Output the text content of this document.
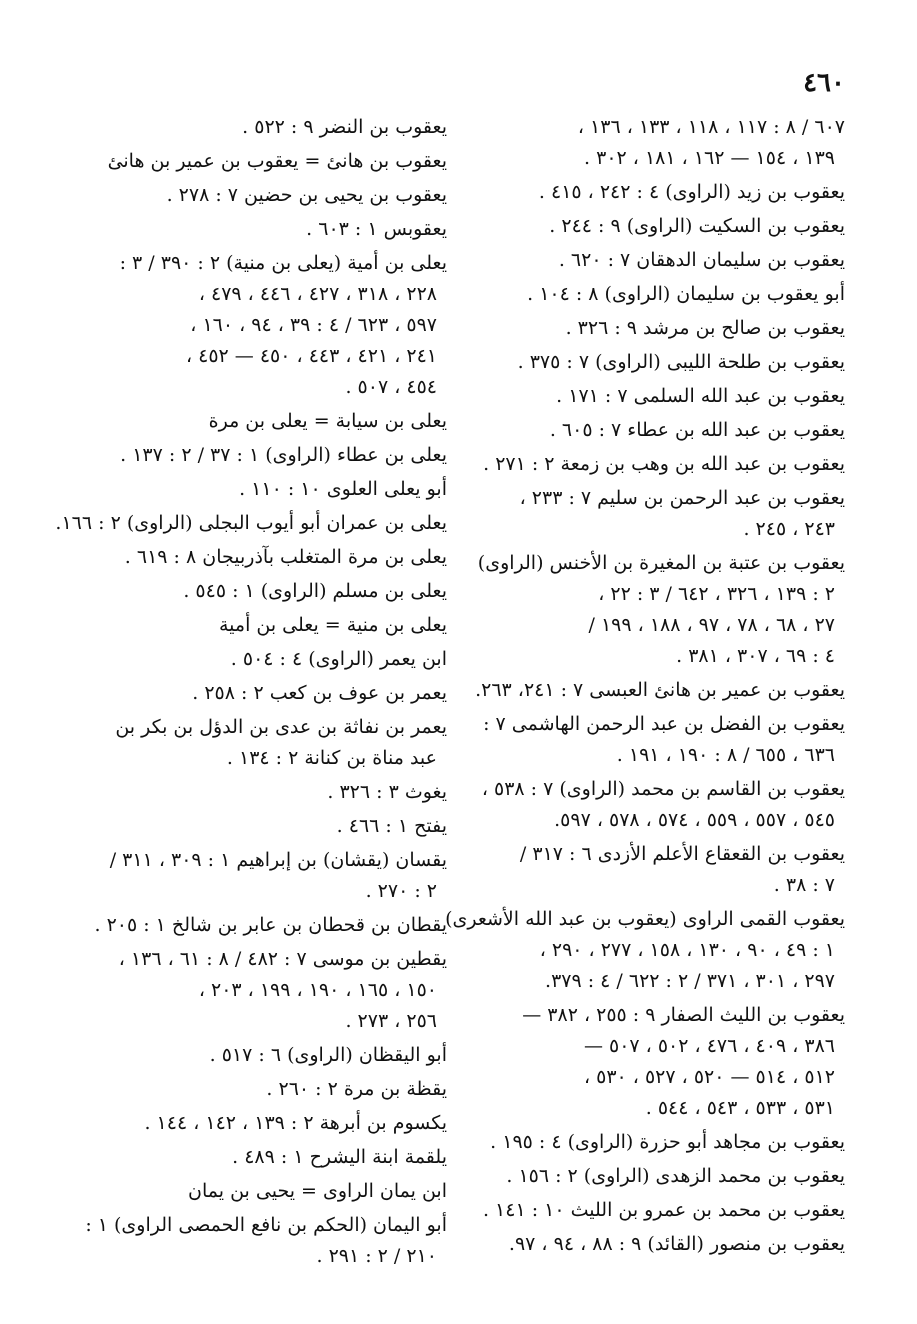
٤٦٠
٦٠٧ / ٨ : ١١٧ ، ١١٨ ، ١٣٣ ، ١٣٦ ،
١٣٩ ، ١٥٤ — ١٦٢ ، ١٨١ ، ٣٠٢ .
يعقوب بن زيد (الراوى) ٤ : ٢٤٢ ، ٤١٥ .
يعقوب بن السكيت (الراوى) ٩ : ٢٤٤ .
يعقوب بن سليمان الدهقان ٧ : ٦٢٠ .
أبو يعقوب بن سليمان (الراوى) ٨ : ١٠٤ .
يعقوب بن صالح بن مرشد ٩ : ٣٢٦ .
يعقوب بن طلحة الليبى (الراوى) ٧ : ٣٧٥ .
يعقوب بن عبد الله السلمى ٧ : ١٧١ .
يعقوب بن عبد الله بن عطاء ٧ : ٦٠٥ .
يعقوب بن عبد الله بن وهب بن زمعة ٢ : ٢٧١ .
يعقوب بن عبد الرحمن بن سليم ٧ : ٢٣٣ ،
٢٤٣ ، ٢٤٥ .
يعقوب بن عتبة بن المغيرة بن الأخنس (الراوى)
٢ : ١٣٩ ، ٣٢٦ ، ٦٤٢ / ٣ : ٢٢ ،
٢٧ ، ٦٨ ، ٧٨ ، ٩٧ ، ١٨٨ ، ١٩٩ /
٤ : ٦٩ ، ٣٠٧ ، ٣٨١ .
يعقوب بن عمير بن هانئ العبسى ٧ : ٢٤١، ٢٦٣.
يعقوب بن الفضل بن عبد الرحمن الهاشمى ٧ :
٦٣٦ ، ٦٥٥ / ٨ : ١٩٠ ، ١٩١ .
يعقوب بن القاسم بن محمد (الراوى) ٧ : ٥٣٨ ،
٥٤٥ ، ٥٥٧ ، ٥٥٩ ، ٥٧٤ ، ٥٧٨ ، ٥٩٧.
يعقوب بن القعقاع الأعلم الأزدى ٦ : ٣١٧ /
٧ : ٣٨ .
يعقوب القمى الراوى (يعقوب بن عبد الله الأشعرى)
١ : ٤٩ ، ٩٠ ، ١٣٠ ، ١٥٨ ، ٢٧٧ ، ٢٩٠ ،
٢٩٧ ، ٣٠١ ، ٣٧١ / ٢ : ٦٢٢ / ٤ : ٣٧٩.
يعقوب بن الليث الصفار ٩ : ٢٥٥ ، ٣٨٢ —
٣٨٦ ، ٤٠٩ ، ٤٧٦ ، ٥٠٢ ، ٥٠٧ —
٥١٢ ، ٥١٤ — ٥٢٠ ، ٥٢٧ ، ٥٣٠ ،
٥٣١ ، ٥٣٣ ، ٥٤٣ ، ٥٤٤ .
يعقوب بن مجاهد أبو حزرة (الراوى) ٤ : ١٩٥ .
يعقوب بن محمد الزهدى (الراوى) ٢ : ١٥٦ .
يعقوب بن محمد بن عمرو بن الليث ١٠ : ١٤١ .
يعقوب بن منصور (القائد) ٩ : ٨٨ ، ٩٤ ، ٩٧.
يعقوب بن النضر ٩ : ٥٢٢ .
يعقوب بن هانئ = يعقوب بن عمير بن هانئ
يعقوب بن يحيى بن حضين ٧ : ٢٧٨ .
يعقوبس ١ : ٦٠٣ .
يعلى بن أمية (يعلى بن منية) ٢ : ٣٩٠ / ٣ :
٢٢٨ ، ٣١٨ ، ٤٢٧ ، ٤٤٦ ، ٤٧٩ ،
٥٩٧ ، ٦٢٣ / ٤ : ٣٩ ، ٩٤ ، ١٦٠ ،
٢٤١ ، ٤٢١ ، ٤٤٣ ، ٤٥٠ — ٤٥٢ ،
٤٥٤ ، ٥٠٧ .
يعلى بن سيابة = يعلى بن مرة
يعلى بن عطاء (الراوى) ١ : ٣٧ / ٢ : ١٣٧ .
أبو يعلى العلوى ١٠ : ١١٠ .
يعلى بن عمران أبو أيوب البجلى (الراوى) ٢ : ١٦٦.
يعلى بن مرة المتغلب بآذربيجان ٨ : ٦١٩ .
يعلى بن مسلم (الراوى) ١ : ٥٤٥ .
يعلى بن منية = يعلى بن أمية
ابن يعمر (الراوى) ٤ : ٥٠٤ .
يعمر بن عوف بن كعب ٢ : ٢٥٨ .
يعمر بن نفاثة بن عدى بن الدؤل بن بكر بن
عبد مناة بن كنانة ٢ : ١٣٤ .
يغوث ٣ : ٣٢٦ .
يفتح ١ : ٤٦٦ .
يقسان (يقشان) بن إبراهيم ١ : ٣٠٩ ، ٣١١ /
٢ : ٢٧٠ .
يقطان بن قحطان بن عابر بن شالخ ١ : ٢٠٥ .
يقطين بن موسى ٧ : ٤٨٢ / ٨ : ٦١ ، ١٣٦ ،
١٥٠ ، ١٦٥ ، ١٩٠ ، ١٩٩ ، ٢٠٣ ،
٢٥٦ ، ٢٧٣ .
أبو اليقظان (الراوى) ٦ : ٥١٧ .
يقظة بن مرة ٢ : ٢٦٠ .
يكسوم بن أبرهة ٢ : ١٣٩ ، ١٤٢ ، ١٤٤ .
يلقمة ابنة اليشرح ١ : ٤٨٩ .
ابن يمان الراوى = يحيى بن يمان
أبو اليمان (الحكم بن نافع الحمصى الراوى) ١ :
٢١٠ / ٢ : ٢٩١ .
